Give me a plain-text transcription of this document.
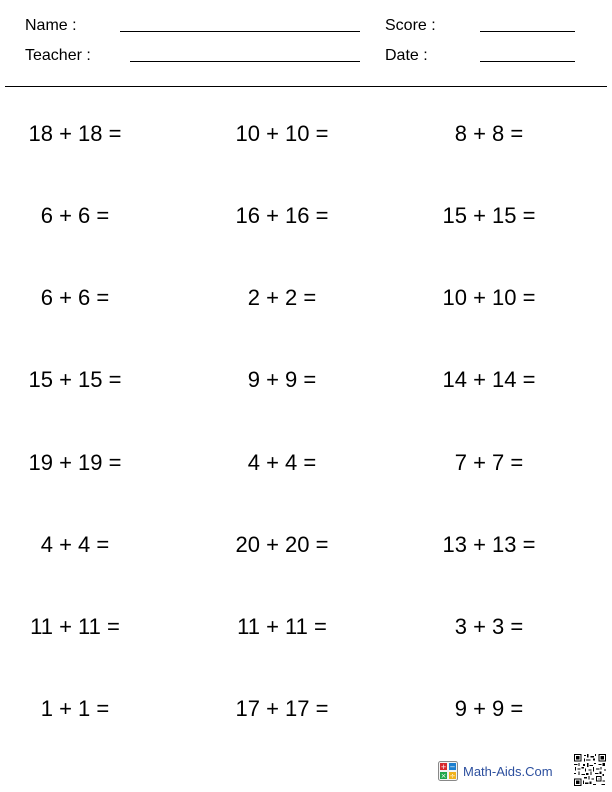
Name :
Teacher :
Score :
Date :
18 + 18 =	10 + 10 =	8 + 8 =
6 + 6 =	16 + 16 =	15 + 15 =
6 + 6 =	2 + 2 =	10 + 10 =
15 + 15 =	9 + 9 =	14 + 14 =
19 + 19 =	4 + 4 =	7 + 7 =
4 + 4 =	20 + 20 =	13 + 13 =
11 + 11 =	11 + 11 =	3 + 3 =
1 + 1 =	17 + 17 =	9 + 9 =
+ −
× ÷ Math-Aids.Com
